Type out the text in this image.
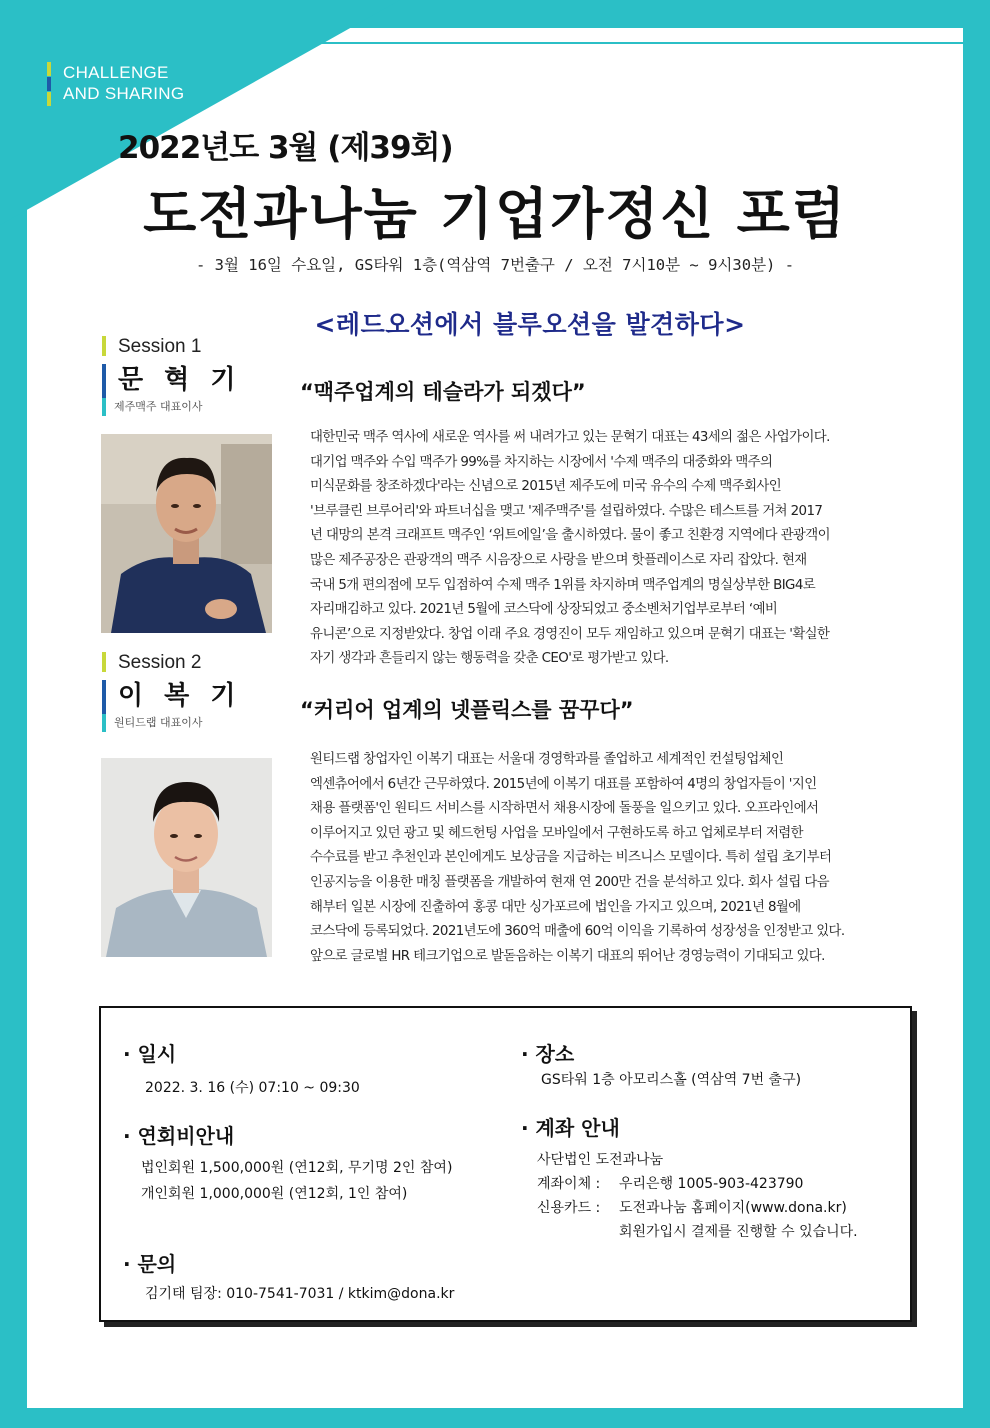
CHALLENGE
AND SHARING
2022년도 3월 (제39회)
도전과나눔 기업가정신 포럼
- 3월 16일 수요일, GS타워 1층(역삼역 7번출구 / 오전 7시10분 ~ 9시30분) -
<레드오션에서 블루오션을 발견하다>
Session 1
문 혁 기
제주맥주 대표이사
“맥주업계의 테슬라가 되겠다”
대한민국 맥주 역사에 새로운 역사를 써 내려가고 있는 문혁기 대표는 43세의 젊은 사업가이다.
대기업 맥주와 수입 맥주가 99%를 차지하는 시장에서 '수제 맥주의 대중화와 맥주의
미식문화를 창조하겠다'라는 신념으로 2015년 제주도에 미국 유수의 수제 맥주회사인
'브루클린 브루어리'와 파트너십을 맺고 '제주맥주'를 설립하였다. 수많은 테스트를 거쳐 2017
년 대망의 본격 크래프트 맥주인 ‘위트에일’을 출시하였다. 물이 좋고 친환경 지역에다 관광객이
많은 제주공장은 관광객의 맥주 시음장으로 사랑을 받으며 핫플레이스로 자리 잡았다. 현재
국내 5개 편의점에 모두 입점하여 수제 맥주 1위를 차지하며 맥주업계의 명실상부한 BIG4로
자리매김하고 있다. 2021년 5월에 코스닥에 상장되었고 중소벤처기업부로부터 ‘예비
유니콘’으로 지정받았다. 창업 이래 주요 경영진이 모두 재임하고 있으며 문혁기 대표는 '확실한
자기 생각과 흔들리지 않는 행동력을 갖춘 CEO'로 평가받고 있다.
Session 2
이 복 기
원티드랩 대표이사
“커리어 업계의 넷플릭스를 꿈꾸다”
원티드랩 창업자인 이복기 대표는 서울대 경영학과를 졸업하고 세계적인 컨설팅업체인
엑센츄어에서 6년간 근무하였다. 2015년에 이복기 대표를 포함하여 4명의 창업자들이 '지인
채용 플랫폼'인 원티드 서비스를 시작하면서 채용시장에 돌풍을 일으키고 있다. 오프라인에서
이루어지고 있던 광고 및 헤드헌팅 사업을 모바일에서 구현하도록 하고 업체로부터 저렴한
수수료를 받고 추천인과 본인에게도 보상금을 지급하는 비즈니스 모델이다. 특히 설립 초기부터
인공지능을 이용한 매칭 플랫폼을 개발하여 현재 연 200만 건을 분석하고 있다. 회사 설립 다음
해부터 일본 시장에 진출하여 홍콩 대만 싱가포르에 법인을 가지고 있으며, 2021년 8월에
코스닥에 등록되었다. 2021년도에 360억 매출에 60억 이익을 기록하여 성장성을 인정받고 있다.
앞으로 글로벌 HR 테크기업으로 발돋음하는 이복기 대표의 뛰어난 경영능력이 기대되고 있다.
· 일시
2022. 3. 16 (수) 07:10 ~ 09:30
· 장소
GS타워 1층 아모리스홀 (역삼역 7번 출구)
· 연회비안내
법인회원 1,500,000원 (연12회, 무기명 2인 참여)
개인회원 1,000,000원 (연12회, 1인 참여)
· 계좌 안내
사단법인 도전과나눔
계좌이체 :	우리은행 1005-903-423790
신용카드 :	도전과나눔 홈페이지(www.dona.kr)
회원가입시 결제를 진행할 수 있습니다.
· 문의
김기태 팀장: 010-7541-7031 / ktkim@dona.kr
